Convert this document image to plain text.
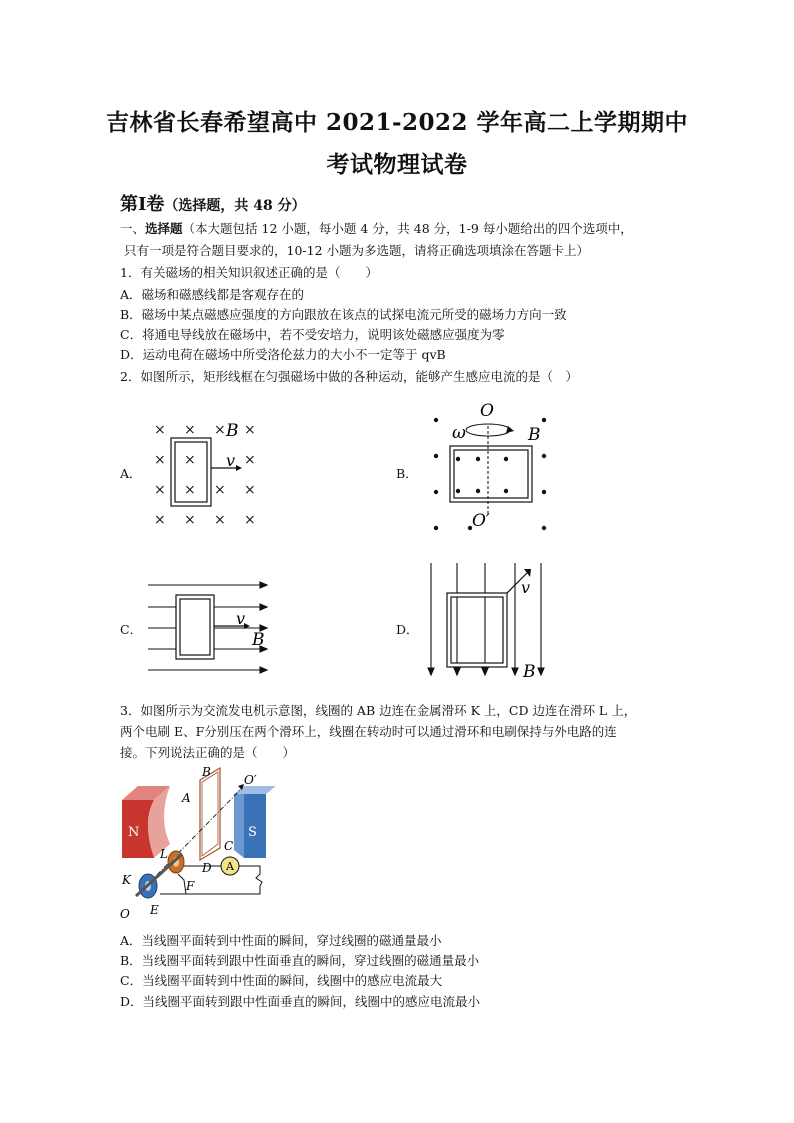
吉林省长春希望高中 2021-2022 学年高二上学期期中
考试物理试卷
第Ⅰ卷（选择题，共 48 分）
一、选择题（本大题包括 12 小题，每小题 4 分，共 48 分，1-9 每小题给出的四个选项中，
只有一项是符合题目要求的，10-12 小题为多选题，请将正确选项填涂在答题卡上）
1．有关磁场的相关知识叙述正确的是（　　）
A．磁场和磁感线都是客观存在的
B．磁场中某点磁感应强度的方向跟放在该点的试探电流元所受的磁场力方向一致
C．将通电导线放在磁场中，若不受安培力，说明该处磁感应强度为零
D．运动电荷在磁场中所受洛伦兹力的大小不一定等于 qvB
2．如图所示，矩形线框在匀强磁场中做的各种运动，能够产生感应电流的是（　）
A．	B．
C．	D．
× × × ×
× ×	×
× × × ×
× × × ×
B
v
O
ω	B
O′
v
B
v
B
3．如图所示为交流发电机示意图，线圈的 AB 边连在金属滑环 K 上，CD 边连在滑环 L 上，
两个电刷 E、F分别压在两个滑环上，线圈在转动时可以通过滑环和电刷保持与外电路的连
接。下列说法正确的是（　　）
N	S
A
B
A
C
D
O′
L
K	F
O E
A．当线圈平面转到中性面的瞬间，穿过线圈的磁通量最小
B．当线圈平面转到跟中性面垂直的瞬间，穿过线圈的磁通量最小
C．当线圈平面转到中性面的瞬间，线圈中的感应电流最大
D．当线圈平面转到跟中性面垂直的瞬间，线圈中的感应电流最小
